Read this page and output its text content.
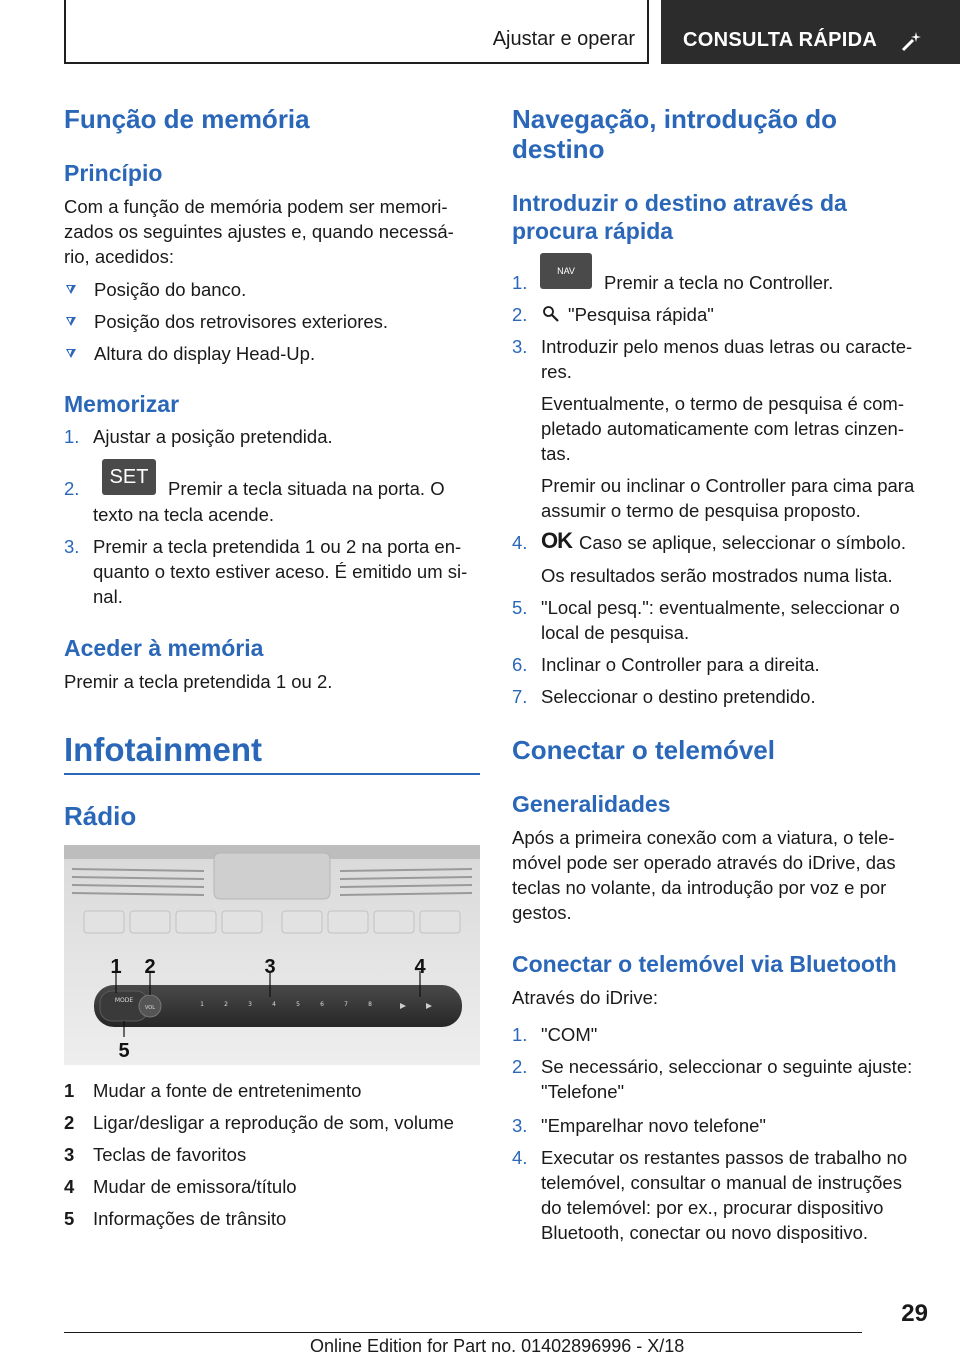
Ajustar e operar CONSULTA RÁPIDA
Função de memória
Princípio

Com a função de memória podem ser memori-

zados os seguintes ajustes e, quando necessá-

rio, acedidos:

Posição do banco.
Posição dos retrovisores exteriores.
Altura do display Head-Up.
Memorizar
1. Ajustar a posição pretendida.
2.
SET
Premir a tecla situada na porta. O
texto na tecla acende.
3. Premir a tecla pretendida 1 ou 2 na porta en-
quanto o texto estiver aceso. É emitido um si-
nal.
Aceder à memória

Premir a tecla pretendida 1 ou 2.

Infotainment
Rádio
MODE
VOL	1	2	3	4	5	6	7	8
1 2	3	4
5
1 Mudar a fonte de entretenimento
2 Ligar/desligar a reprodução de som, volume
3 Teclas de favoritos
4 Mudar de emissora/título
5 Informações de trânsito
Navegação, introdução do
destino
Introduzir o destino através da
procura rápida
1.
NAV
Premir a tecla no Controller.
2. "Pesquisa rápida"
3. Introduzir pelo menos duas letras ou caracte-
res.
Eventualmente, o termo de pesquisa é com-
pletado automaticamente com letras cinzen-
tas.
Premir ou inclinar o Controller para cima para
assumir o termo de pesquisa proposto.
4. OK Caso se aplique, seleccionar o símbolo.
Os resultados serão mostrados numa lista.
5. "Local pesq.": eventualmente, seleccionar o
local de pesquisa.
6. Inclinar o Controller para a direita.
7. Seleccionar o destino pretendido.
Conectar o telemóvel
Generalidades

Após a primeira conexão com a viatura, o tele-

móvel pode ser operado através do iDrive, das

teclas no volante, da introdução por voz e por

gestos.

Conectar o telemóvel via Bluetooth

Através do iDrive:

1. "COM"
2. Se necessário, seleccionar o seguinte ajuste:
"Telefone"
3. "Emparelhar novo telefone"
4. Executar os restantes passos de trabalho no
telemóvel, consultar o manual de instruções
do telemóvel: por ex., procurar dispositivo
Bluetooth, conectar ou novo dispositivo.
29
Online Edition for Part no. 01402896996 - X/18
